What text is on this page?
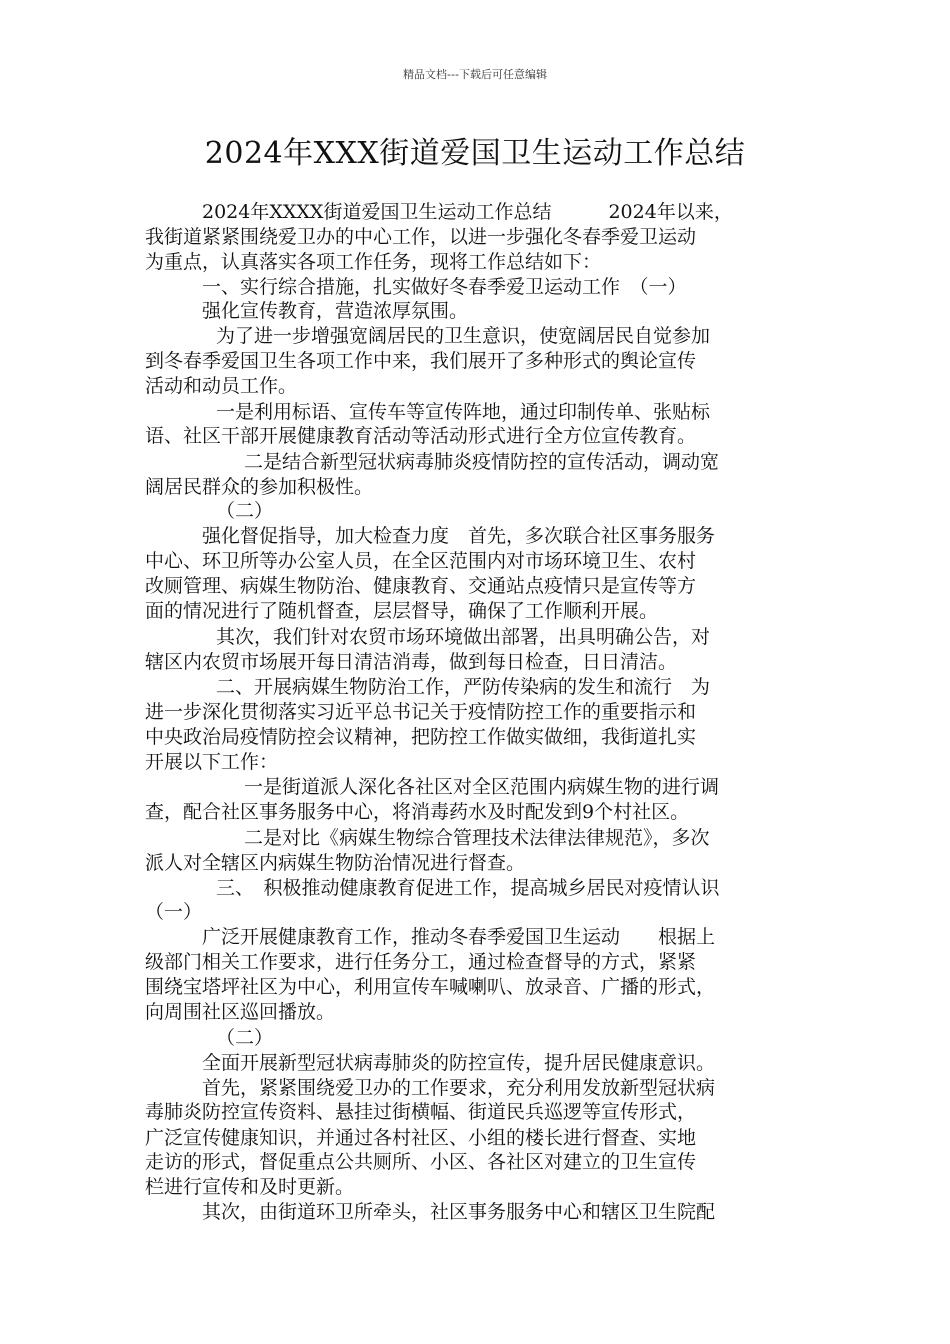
精品文档---下载后可任意编辑
2024年XXX街道爱国卫生运动工作总结
2024年XXXX街道爱国卫生运动工作总结　　　2024年以来，
我街道紧紧围绕爱卫办的中心工作，以进一步强化冬春季爱卫运动
为重点，认真落实各项工作任务，现将工作总结如下：
一、实行综合措施，扎实做好冬春季爱卫运动工作　（一）
强化宣传教育，营造浓厚氛围。
为了进一步增强宽阔居民的卫生意识，使宽阔居民自觉参加
到冬春季爱国卫生各项工作中来，我们展开了多种形式的舆论宣传
活动和动员工作。
一是利用标语、宣传车等宣传阵地，通过印制传单、张贴标
语、社区干部开展健康教育活动等活动形式进行全方位宣传教育。
二是结合新型冠状病毒肺炎疫情防控的宣传活动，调动宽
阔居民群众的参加积极性。
（二）
强化督促指导，加大检查力度　首先，多次联合社区事务服务
中心、环卫所等办公室人员，在全区范围内对市场环境卫生、农村
改厕管理、病媒生物防治、健康教育、交通站点疫情只是宣传等方
面的情况进行了随机督查，层层督导，确保了工作顺利开展。
其次，我们针对农贸市场环境做出部署，出具明确公告，对
辖区内农贸市场展开每日清洁消毒，做到每日检查，日日清洁。
二、开展病媒生物防治工作，严防传染病的发生和流行　为
进一步深化贯彻落实习近平总书记关于疫情防控工作的重要指示和
中央政治局疫情防控会议精神，把防控工作做实做细，我街道扎实
开展以下工作：
一是街道派人深化各社区对全区范围内病媒生物的进行调
查，配合社区事务服务中心，将消毒药水及时配发到9个村社区。
二是对比《病媒生物综合管理技术法律法律规范》，多次
派人对全辖区内病媒生物防治情况进行督查。
三、　积极推动健康教育促进工作，提高城乡居民对疫情认识
（一）
广泛开展健康教育工作，推动冬春季爱国卫生运动　　根据上
级部门相关工作要求，进行任务分工，通过检查督导的方式，紧紧
围绕宝塔坪社区为中心，利用宣传车喊喇叭、放录音、广播的形式，
向周围社区巡回播放。
（二）
全面开展新型冠状病毒肺炎的防控宣传，提升居民健康意识。
首先，紧紧围绕爱卫办的工作要求，充分利用发放新型冠状病
毒肺炎防控宣传资料、悬挂过街横幅、街道民兵巡逻等宣传形式，
广泛宣传健康知识，并通过各村社区、小组的楼长进行督查、实地
走访的形式，督促重点公共厕所、小区、各社区对建立的卫生宣传
栏进行宣传和及时更新。
其次，由街道环卫所牵头，社区事务服务中心和辖区卫生院配
